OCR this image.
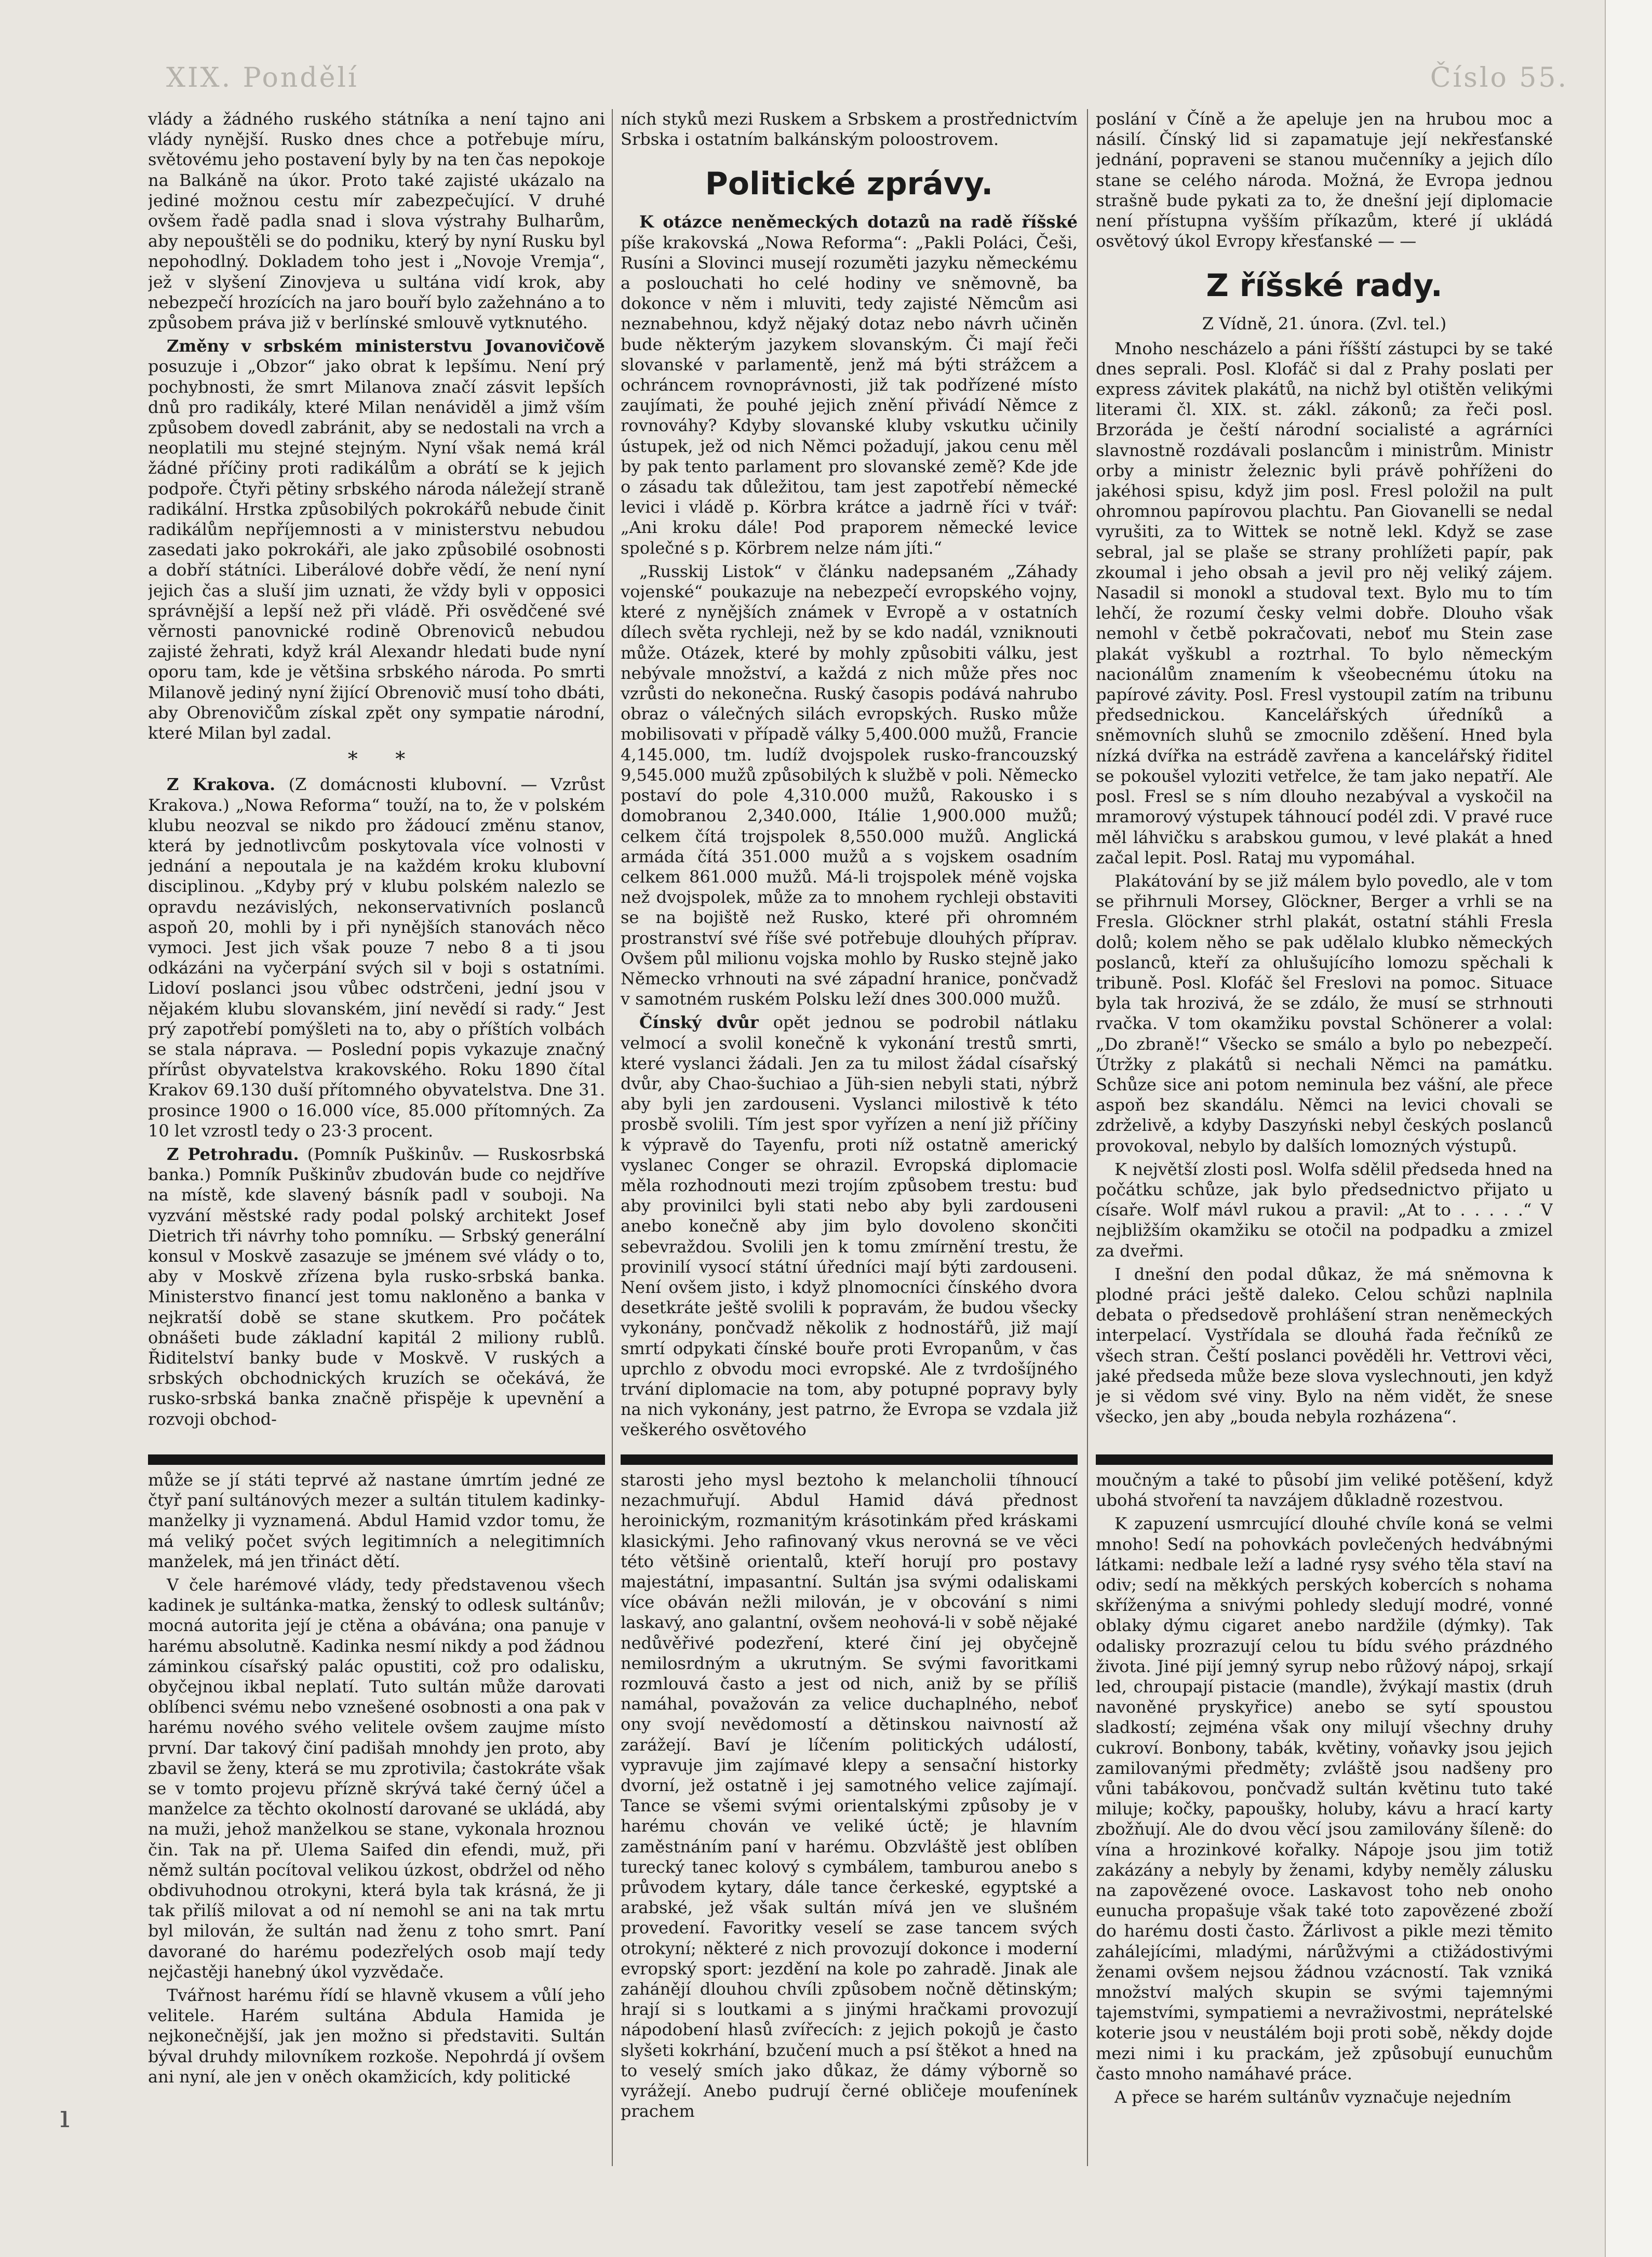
XIX. Pondělí	Číslo 55.

vlády a žádného ruského státníka a není tajno ani vlády nynější. Rusko dnes chce a potřebuje míru, světovému jeho postavení byly by na ten čas nepokoje na Balkáně na úkor. Proto také zajisté ukázalo na jediné možnou cestu mír zabezpečující. V druhé ovšem řadě padla snad i slova výstrahy Bulharům, aby nepouštěli se do podniku, který by nyní Rusku byl nepohodlný. Dokladem toho jest i „Novoje Vremja“, jež v slyšení Zinovjeva u sultána vidí krok, aby nebezpečí hrozících na jaro bouří bylo zažehnáno a to způsobem práva již v berlínské smlouvě vytknutého.

Změny v srbském ministerstvu Jovanovičově posuzuje i „Obzor“ jako obrat k lepšímu. Není prý pochybnosti, že smrt Milanova značí zásvit lepších dnů pro radikály, které Milan nenáviděl a jimž vším způsobem dovedl zabránit, aby se nedostali na vrch a neoplatili mu stejné stejným. Nyní však nemá král žádné příčiny proti radikálům a obrátí se k jejich podpoře. Čtyři pětiny srbského národa náležejí straně radikální. Hrstka způsobilých pokrokářů nebude činit radikálům nepříjemnosti a v ministerstvu nebudou zasedati jako pokrokáři, ale jako způsobilé osobnosti a dobří státníci. Liberálové dobře vědí, že není nyní jejich čas a sluší jim uznati, že vždy byli v opposici správnější a lepší než při vládě. Při osvědčené své věrnosti panovnické rodině Obrenoviců nebudou zajisté žehrati, když král Alexandr hledati bude nyní oporu tam, kde je většina srbského národa. Po smrti Milanově jediný nyní žijící Obrenovič musí toho dbáti, aby Obrenovičům získal zpět ony sympatie národní, které Milan byl zadal.

*      *

Z Krakova. (Z domácnosti klubovní. — Vzrůst Krakova.) „Nowa Reforma“ touží, na to, že v polském klubu neozval se nikdo pro žádoucí změnu stanov, která by jednotlivcům poskytovala více volnosti v jednání a nepoutala je na každém kroku klubovní disciplinou. „Kdyby prý v klubu polském nalezlo se opravdu nezávislých, nekonservativních poslanců aspoň 20, mohli by i při nynějších stanovách něco vymoci. Jest jich však pouze 7 nebo 8 a ti jsou odkázáni na vyčerpání svých sil v boji s ostatními. Lidoví poslanci jsou vůbec odstrčeni, jední jsou v nějakém klubu slovanském, jiní nevědí si rady.“ Jest prý zapotřebí pomýšleti na to, aby o příštích volbách se stala náprava. — Poslední popis vykazuje značný přírůst obyvatelstva krakovského. Roku 1890 čítal Krakov 69.130 duší přítomného obyvatelstva. Dne 31. prosince 1900 o 16.000 více, 85.000 přítomných. Za 10 let vzrostl tedy o 23·3 procent.

Z Petrohradu. (Pomník Puškinův. — Ruskosrbská banka.) Pomník Puškinův zbudován bude co nejdříve na místě, kde slavený básník padl v souboji. Na vyzvání městské rady podal polský architekt Josef Dietrich tři návrhy toho pomníku. — Srbský generální konsul v Moskvě zasazuje se jménem své vlády o to, aby v Moskvě zřízena byla rusko-srbská banka. Ministerstvo financí jest tomu nakloněno a banka v nejkratší době se stane skutkem. Pro počátek obnášeti bude základní kapitál 2 miliony rublů. Řiditelství banky bude v Moskvě. V ruských a srbských obchodnických kruzích se očekává, že rusko-srbská banka značně přispěje k upevnění a rozvoji obchod-

ních styků mezi Ruskem a Srbskem a prostřednictvím Srbska i ostatním balkánským poloostrovem.

Politické zprávy.

K otázce neněmeckých dotazů na radě říšské píše krakovská „Nowa Reforma“: „Pakli Poláci, Češi, Rusíni a Slovinci musejí rozuměti jazyku německému a poslouchati ho celé hodiny ve sněmovně, ba dokonce v něm i mluviti, tedy zajisté Němcům asi neznabehnou, když nějaký dotaz nebo návrh učiněn bude některým jazykem slovanským. Či mají řeči slovanské v parlamentě, jenž má býti strážcem a ochráncem rovnoprávnosti, již tak podřízené místo zaujímati, že pouhé jejich znění přivádí Němce z rovnováhy? Kdyby slovanské kluby vskutku učinily ústupek, jež od nich Němci požadují, jakou cenu měl by pak tento parlament pro slovanské země? Kde jde o zásadu tak důležitou, tam jest zapotřebí německé levici i vládě p. Körbra krátce a jadrně říci v tvář: „Ani kroku dále! Pod praporem německé levice společné s p. Körbrem nelze nám jíti.“

„Russkij Listok“ v článku nadepsaném „Záhady vojenské“ poukazuje na nebezpečí evropského vojny, které z nynějších známek v Evropě a v ostatních dílech světa rychleji, než by se kdo nadál, vzniknouti může. Otázek, které by mohly způsobiti válku, jest nebývale množství, a každá z nich může přes noc vzrůsti do nekonečna. Ruský časopis podává nahrubo obraz o válečných silách evropských. Rusko může mobilisovati v případě války 5,400.000 mužů, Francie 4,145.000, tm. ludíž dvojspolek rusko-francouzský 9,545.000 mužů způsobilých k službě v poli. Německo postaví do pole 4,310.000 mužů, Rakousko i s domobranou 2,340.000, Itálie 1,900.000 mužů; celkem čítá trojspolek 8,550.000 mužů. Anglická armáda čítá 351.000 mužů a s vojskem osadním celkem 861.000 mužů. Má-li trojspolek méně vojska než dvojspolek, může za to mnohem rychleji obstaviti se na bojiště než Rusko, které při ohromném prostranství své říše své potřebuje dlouhých příprav. Ovšem půl milionu vojska mohlo by Rusko stejně jako Německo vrhnouti na své západní hranice, pončvadž v samotném ruském Polsku leží dnes 300.000 mužů.

Čínský dvůr opět jednou se podrobil nátlaku velmocí a svolil konečně k vykonání trestů smrti, které vyslanci žádali. Jen za tu milost žádal císařský dvůr, aby Chao-šuchiao a Jüh-sien nebyli stati, nýbrž aby byli jen zardouseni. Vyslanci milostivě k této prosbě svolili. Tím jest spor vyřízen a není již příčiny k výpravě do Tayenfu, proti níž ostatně americký vyslanec Conger se ohrazil. Evropská diplomacie měla rozhodnouti mezi trojím způsobem trestu: buď aby provinilci byli stati nebo aby byli zardouseni anebo konečně aby jim bylo dovoleno skončiti sebevraždou. Svolili jen k tomu zmírnění trestu, že provinilí vysocí státní úředníci mají býti zardouseni. Není ovšem jisto, i když plnomocníci čínského dvora desetkráte ještě svolili k popravám, že budou všecky vykonány, pončvadž několik z hodnostářů, již mají smrtí odpykati čínské bouře proti Evropanům, v čas uprchlo z obvodu moci evropské. Ale z tvrdošíjného trvání diplomacie na tom, aby potupné popravy byly na nich vykonány, jest patrno, že Evropa se vzdala již veškerého osvětového

poslání v Číně a že apeluje jen na hrubou moc a násilí. Čínský lid si zapamatuje její nekřesťanské jednání, popraveni se stanou mučenníky a jejich dílo stane se celého národa. Možná, že Evropa jednou strašně bude pykati za to, že dnešní její diplomacie není přístupna vyšším příkazům, které jí ukládá osvětový úkol Evropy křesťanské — —

Z říšské rady.
Z Vídně, 21. února. (Zvl. tel.)

Mnoho nescházelo a páni říšští zástupci by se také dnes seprali. Posl. Klofáč si dal z Prahy poslati per express závitek plakátů, na nichž byl otištěn velikými literami čl. XIX. st. zákl. zákonů; za řeči posl. Brzorádа je čeští národní socialisté a agrárníci slavnostně rozdávali poslancům i ministrům. Ministr orby a ministr železnic byli právě pohříženi do jakéhosi spisu, když jim posl. Fresl položil na pult ohromnou papírovou plachtu. Pan Giovanelli se nedal vyrušiti, za to Wittek se notně lekl. Když se zase sebral, jal se plaše se strany prohlížeti papír, pak zkoumal i jeho obsah a jevil pro něj veliký zájem. Nasadil si monokl a studoval text. Bylo mu to tím lehčí, že rozumí česky velmi dobře. Dlouho však nemohl v četbě pokračovati, neboť mu Stein zase plakát vyškubl a roztrhal. To bylo německým nacionálům znamením k všeobecnému útoku na papírové závity. Posl. Fresl vystoupil zatím na tribunu předsednickou. Kancelářských úředníků a sněmovních sluhů se zmocnilo zděšení. Hned byla nízká dvířka na estrádě zavřena a kancelářský řiditel se pokoušel vyloziti vetřelce, že tam jako nepatří. Ale posl. Fresl se s ním dlouho nezabýval a vyskočil na mramorový výstupek táhnoucí podél zdi. V pravé ruce měl láhvičku s arabskou gumou, v levé plakát a hned začal lepit. Posl. Rataj mu vypomáhal.

Plakátování by se již málem bylo povedlo, ale v tom se přihrnuli Morsey, Glöckner, Berger a vrhli se na Fresla. Glöckner strhl plakát, ostatní stáhli Fresla dolů; kolem něho se pak udělalo klubko německých poslanců, kteří za ohlušujícího lomozu spěchali k tribuně. Posl. Klofáč šel Freslovi na pomoc. Situace byla tak hrozivá, že se zdálo, že musí se strhnouti rvačka. V tom okamžiku povstal Schönerer a volal: „Do zbraně!“ Všecko se smálo a bylo po nebezpečí. Útržky z plakátů si nechali Němci na památku. Schůze sice ani potom neminula bez vášní, ale přece aspoň bez skandálu. Němci na levici chovali se zdrželivě, a kdyby Daszyński nebyl českých poslanců provokoval, nebylo by dalších lomozných výstupů.

K největší zlosti posl. Wolfa sdělil předseda hned na počátku schůze, jak bylo předsednictvo přijato u císaře. Wolf mávl rukou a pravil: „At to . . . . .“ V nejbližším okamžiku se otočil na podpadku a zmizel za dveřmi.

I dnešní den podal důkaz, že má sněmovna k plodné práci ještě daleko. Celou schůzi naplnila debata o předsedově prohlášení stran neněmeckých interpelací. Vystřídala se dlouhá řada řečníků ze všech stran. Čeští poslanci pověděli hr. Vettrovi věci, jaké předseda může beze slova vyslechnouti, jen když je si vědom své viny. Bylo na něm vidět, že snese všecko, jen aby „bouda nebyla rozházena“.

může se jí státi teprvé až nastane úmrtím jedné ze čtyř paní sultánových mezer a sultán titulem kadinky-manželky ji vyznamená. Abdul Hamid vzdor tomu, že má veliký počet svých legitimních a nelegitimních manželek, má jen třináct dětí.

V čele harémové vlády, tedy představenou všech kadinek je sultánka-matka, ženský to odlesk sultánův; mocná autorita její je ctěna a obávána; ona panuje v harému absolutně. Kadinka nesmí nikdy a pod žádnou záminkou císařský palác opustiti, což pro odalisku, obyčejnou ikbal neplatí. Tuto sultán může darovati oblíbenci svému nebo vznešené osobnosti a ona pak v harému nového svého velitele ovšem zaujme místo první. Dar takový činí padišah mnohdy jen proto, aby zbavil se ženy, která se mu zprotivila; častokráte však se v tomto projevu přízně skrývá také černý účel a manželce za těchto okolností darované se ukládá, aby na muži, jehož manželkou se stane, vykonala hroznou čin. Tak na př. Ulema Saifed din efendi, muž, při němž sultán pocítoval velikou úzkost, obdržel od něho obdivuhodnou otrokyni, která byla tak krásná, že ji tak přilíš milovat a od ní nemohl se ani na tak mrtu byl milován, že sultán nad ženu z toho smrt. Paní davorané do harému podezřelých osob mají tedy nejčastěji hanebný úkol vyzvědače.

Tvářnost harému řídí se hlavně vkusem a vůlí jeho velitele. Harém sultána Abdula Hamida je nejkonečnější, jak jen možno si představiti. Sultán býval druhdy milovníkem rozkoše. Nepohrdá jí ovšem ani nyní, ale jen v oněch okamžicích, kdy politické

starosti jeho mysl beztoho k melancholii tíhnoucí nezachmuřují. Abdul Hamid dává přednost heroinickým, rozmanitým krásotinkám před kráskami klasickými. Jeho rafinovaný vkus nerovná se ve věci této většině orientalů, kteří horují pro postavy majestátní, impasantní. Sultán jsa svými odaliskami více obáván nežli milován, je v obcování s nimi laskavý, ano galantní, ovšem neohová-li v sobě nějaké nedůvěřivé podezření, které činí jej obyčejně nemilosrdným a ukrutným. Se svými favoritkami rozmlouvá často a jest od nich, aniž by se příliš namáhal, považován za velice duchaplného, neboť ony svojí nevědomostí a dětinskou naivností až zarážejí. Baví je líčením politických událostí, vypravuje jim zajímavé klepy a sensační historky dvorní, jež ostatně i jej samotného velice zajímají. Tance se všemi svými orientalskými způsoby je v harému chován ve veliké úctě; je hlavním zaměstnáním paní v harému. Obzvláště jest oblíben turecký tanec kolový s cymbálem, tamburou anebo s průvodem kytary, dále tance čerkeské, egyptské a arabské, jež však sultán mívá jen ve slušném provedení. Favoritky veselí se zase tancem svých otrokyní; některé z nich provozují dokonce i moderní evropský sport: jezdění na kole po zahradě. Jinak ale zahánějí dlouhou chvíli způsobem nočně dětinským; hrají si s loutkami a s jinými hračkami provozují nápodobení hlasů zvířecích: z jejich pokojů je často slyšeti kokrhání, bzučení much a psí štěkot a hned na to veselý smích jako důkaz, že dámy výborně so vyrážejí. Anebo pudrují černé obličeje moufenínek prachem

moučným a také to působí jim veliké potěšení, když ubohá stvoření ta navzájem důkladně rozestvou.

K zapuzení usmrcující dlouhé chvíle koná se velmi mnoho! Sedí na pohovkách povlečených hedvábnými látkami: nedbale leží a ladné rysy svého těla staví na odiv; sedí na měkkých perských kobercích s nohama skříženýma a snivými pohledy sledují modré, vonné oblaky dýmu cigaret anebo nardžile (dýmky). Tak odalisky prozrazují celou tu bídu svého prázdného života. Jiné pijí jemný syrup nebo růžový nápoj, srkají led, chroupají pistacie (mandle), žvýkají mastix (druh navoněné pryskyřice) anebo se sytí spoustou sladkostí; zejména však ony milují všechny druhy cukroví. Bonbony, tabák, květiny, voňavky jsou jejich zamilovanými předměty; zvláště jsou nadšeny pro vůni tabákovou, pončvadž sultán květinu tuto také miluje; kočky, papoušky, holuby, kávu a hrací karty zbožňují. Ale do dvou věcí jsou zamilovány šíleně: do vína a hrozinkové kořalky. Nápoje jsou jim totiž zakázány a nebyly by ženami, kdyby neměly zálusku na zapovězené ovoce. Laskavost toho neb onoho eunucha propašuje však také toto zapovězené zboží do harému dosti často. Žárlivost a pikle mezi těmito zahálejícími, mladými, nárůžvými a ctižádostivými ženami ovšem nejsou žádnou vzácností. Tak vzniká množství malých skupin se svými tajemnými tajemstvími, sympatiemi a nevraživostmi, neprátelské koterie jsou v neustálém boji proti sobě, někdy dojde mezi nimi i ku prackám, jež způsobují eunuchům často mnoho namáhavé práce.

A přece se harém sultánův vyznačuje nejedním

ı
